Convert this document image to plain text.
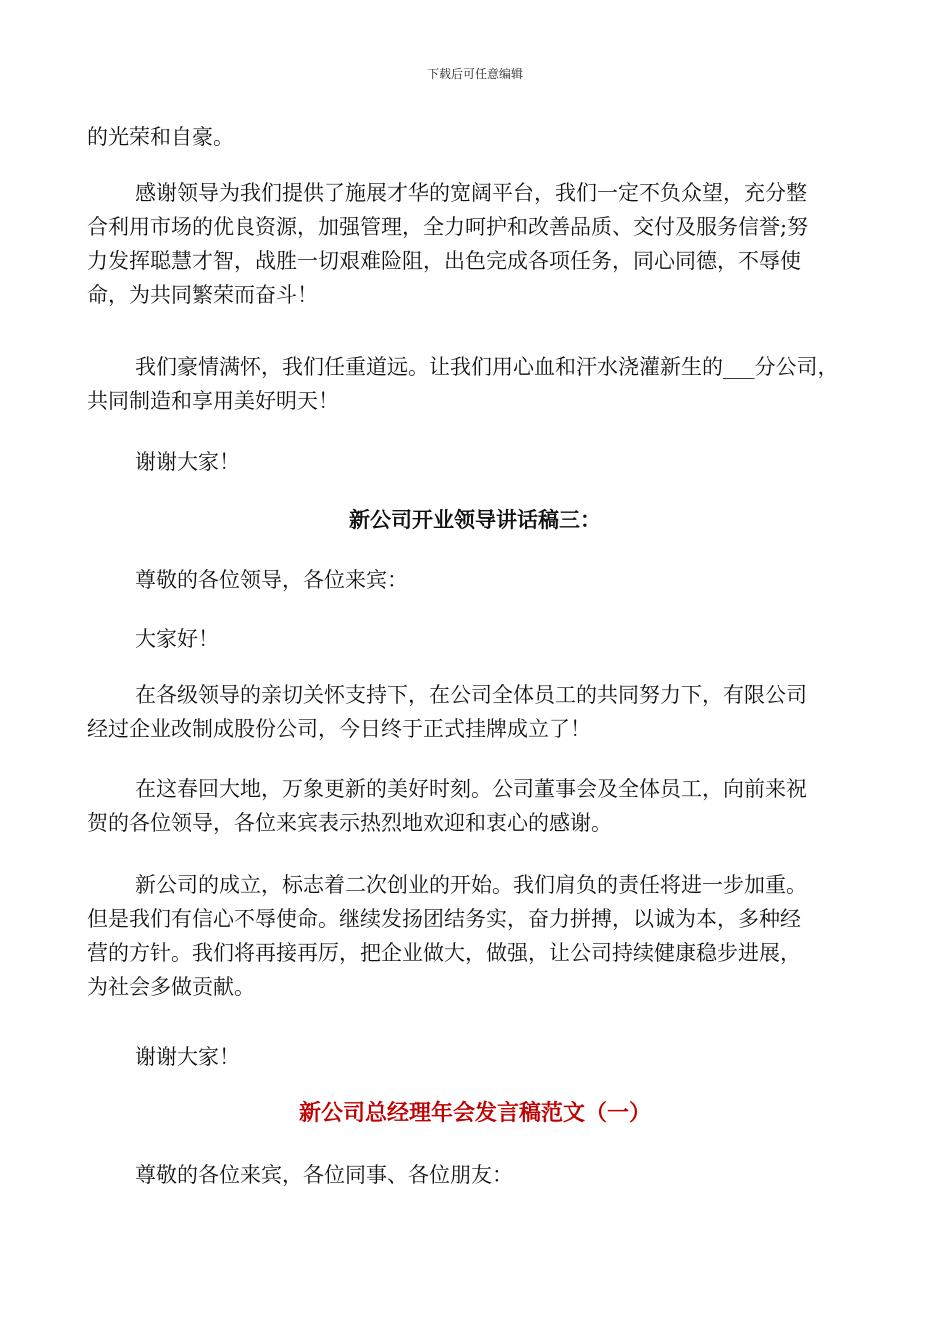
下载后可任意编辑
的光荣和自豪。
感谢领导为我们提供了施展才华的宽阔平台，我们一定不负众望，充分整
合利用市场的优良资源，加强管理，全力呵护和改善品质、交付及服务信誉;努
力发挥聪慧才智，战胜一切艰难险阻，出色完成各项任务，同心同德，不辱使
命，为共同繁荣而奋斗！
我们豪情满怀，我们任重道远。让我们用心血和汗水浇灌新生的___分公司，
共同制造和享用美好明天！
谢谢大家！
新公司开业领导讲话稿三：
尊敬的各位领导，各位来宾：
大家好！
在各级领导的亲切关怀支持下，在公司全体员工的共同努力下，有限公司
经过企业改制成股份公司，今日终于正式挂牌成立了！
在这春回大地，万象更新的美好时刻。公司董事会及全体员工，向前来祝
贺的各位领导，各位来宾表示热烈地欢迎和衷心的感谢。
新公司的成立，标志着二次创业的开始。我们肩负的责任将进一步加重。
但是我们有信心不辱使命。继续发扬团结务实，奋力拼搏，以诚为本，多种经
营的方针。我们将再接再厉，把企业做大，做强，让公司持续健康稳步进展，
为社会多做贡献。
谢谢大家！
新公司总经理年会发言稿范文（一）
尊敬的各位来宾，各位同事、各位朋友：
